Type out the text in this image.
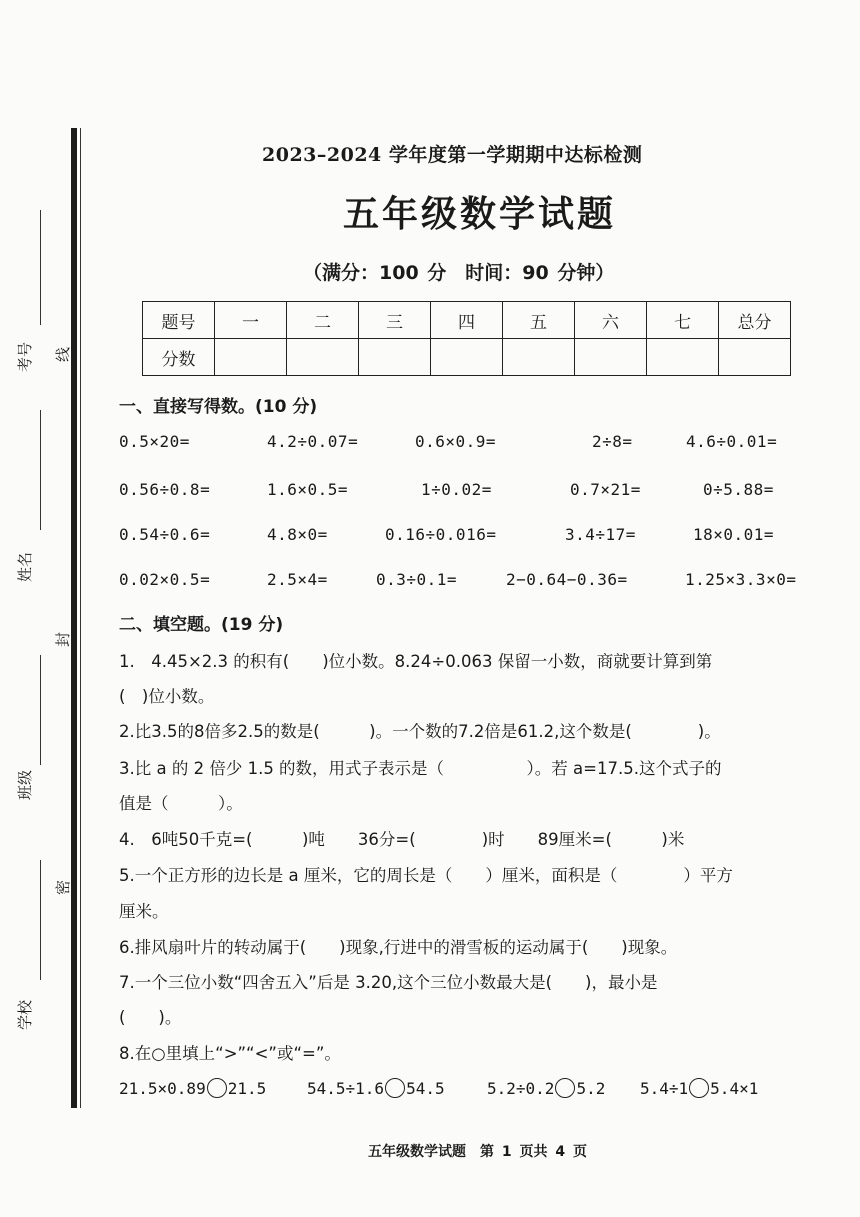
考号 线
姓名
封
班级
密
学校
2023–2024 学年度第一学期期中达标检测
五年级数学试题
（满分：100 分　时间：90 分钟）
题号	一	二	三	四	五	六	七	总分
分数								
一、直接写得数。(10 分)
0.5×20=	4.2÷0.07=	0.6×0.9=	2÷8=	4.6÷0.01=
0.56÷0.8=	1.6×0.5=	1÷0.02=	0.7×21=	0÷5.88=
0.54÷0.6=	4.8×0=	0.16÷0.016=	3.4÷17=	18×0.01=
0.02×0.5=	2.5×4=	0.3÷0.1=	2−0.64−0.36=	1.25×3.3×0=
二、填空题。(19 分)
1.　4.45×2.3 的积有(　　)位小数。8.24÷0.063 保留一小数，商就要计算到第
(　)位小数。
2.比3.5的8倍多2.5的数是(　　　)。一个数的7.2倍是61.2,这个数是(　　　　)。
3.比 a 的 2 倍少 1.5 的数，用式子表示是（　　　　　）。若 a=17.5.这个式子的
值是（　　　）。
4.　6吨50千克=(　　　)吨　　36分=(　　　　)时　　89厘米=(　　　)米
5.一个正方形的边长是 a 厘米，它的周长是（　　）厘米，面积是（　　　　）平方
厘米。
6.排风扇叶片的转动属于(　　)现象,行进中的滑雪板的运动属于(　　)现象。
7.一个三位小数“四舍五入”后是 3.20,这个三位小数最大是(　　)，最小是
(　　)。
8.在○里填上“>”“<”或“=”。
21.5×0.89 21.5	54.5÷1.6 54.5	5.2÷0.2 5.2 5.4÷1 5.4×1
五年级数学试题　第 1 页共 4 页
